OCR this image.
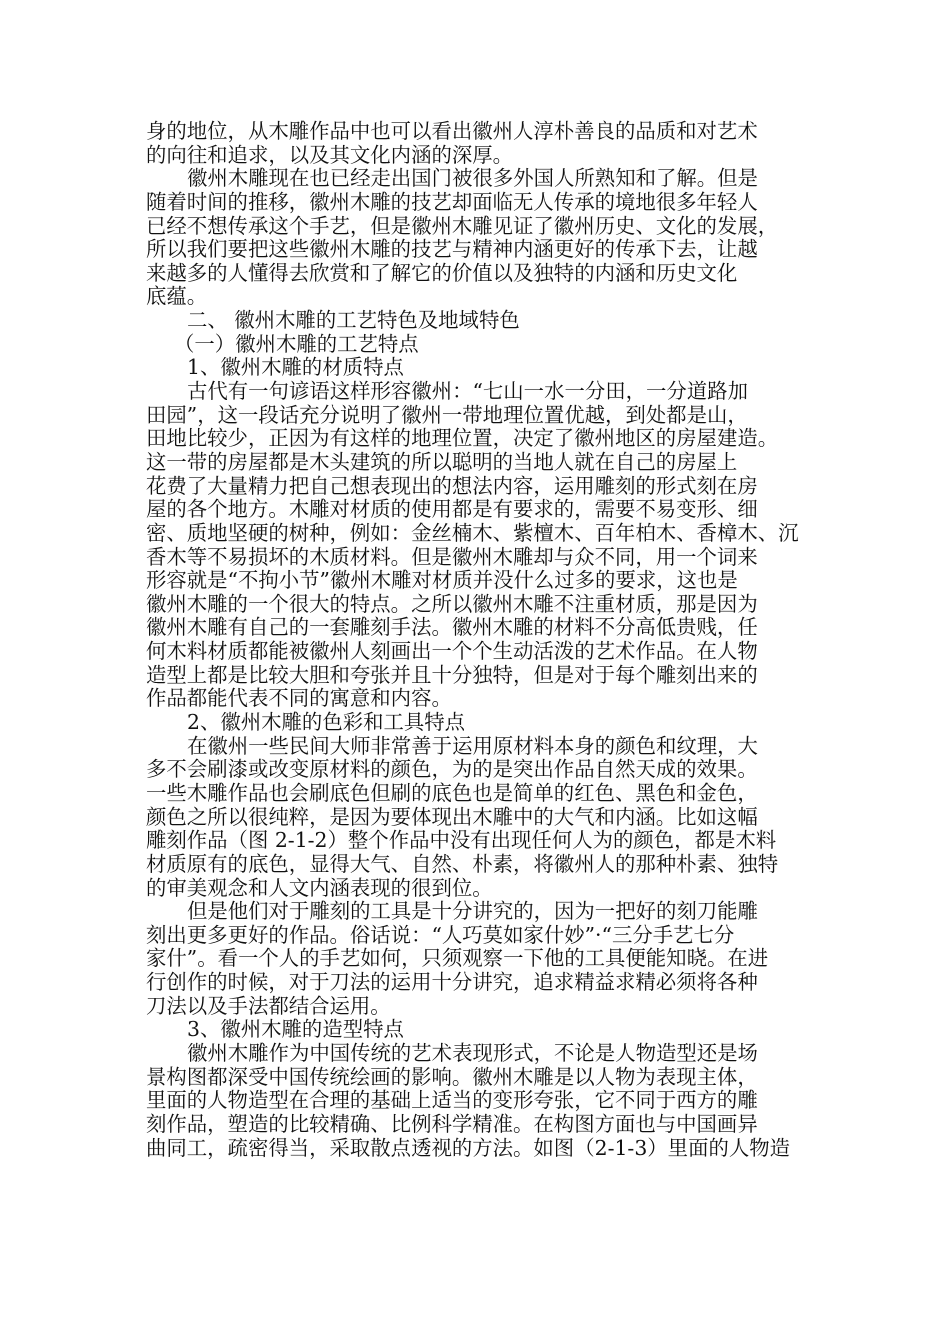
身的地位，从木雕作品中也可以看出徽州人淳朴善良的品质和对艺术
的向往和追求，以及其文化内涵的深厚。
徽州木雕现在也已经走出国门被很多外国人所熟知和了解。但是
随着时间的推移，徽州木雕的技艺却面临无人传承的境地很多年轻人
已经不想传承这个手艺，但是徽州木雕见证了徽州历史、文化的发展，
所以我们要把这些徽州木雕的技艺与精神内涵更好的传承下去，让越
来越多的人懂得去欣赏和了解它的价值以及独特的内涵和历史文化
底蕴。
二、 徽州木雕的工艺特色及地域特色
（一）徽州木雕的工艺特点
1、徽州木雕的材质特点
古代有一句谚语这样形容徽州：“七山一水一分田，一分道路加
田园”，这一段话充分说明了徽州一带地理位置优越，到处都是山，
田地比较少，正因为有这样的地理位置，决定了徽州地区的房屋建造。
这一带的房屋都是木头建筑的所以聪明的当地人就在自己的房屋上
花费了大量精力把自己想表现出的想法内容，运用雕刻的形式刻在房
屋的各个地方。木雕对材质的使用都是有要求的，需要不易变形、细
密、质地坚硬的树种，例如：金丝楠木、紫檀木、百年柏木、香樟木、沉
香木等不易损坏的木质材料。但是徽州木雕却与众不同，用一个词来
形容就是“不拘小节”徽州木雕对材质并没什么过多的要求，这也是
徽州木雕的一个很大的特点。之所以徽州木雕不注重材质，那是因为
徽州木雕有自己的一套雕刻手法。徽州木雕的材料不分高低贵贱，任
何木料材质都能被徽州人刻画出一个个生动活泼的艺术作品。在人物
造型上都是比较大胆和夸张并且十分独特，但是对于每个雕刻出来的
作品都能代表不同的寓意和内容。
2、徽州木雕的色彩和工具特点
在徽州一些民间大师非常善于运用原材料本身的颜色和纹理，大
多不会刷漆或改变原材料的颜色，为的是突出作品自然天成的效果。
一些木雕作品也会刷底色但刷的底色也是简单的红色、黑色和金色，
颜色之所以很纯粹，是因为要体现出木雕中的大气和内涵。比如这幅
雕刻作品（图 2-1-2）整个作品中没有出现任何人为的颜色，都是木料
材质原有的底色，显得大气、自然、朴素，将徽州人的那种朴素、独特
的审美观念和人文内涵表现的很到位。
但是他们对于雕刻的工具是十分讲究的，因为一把好的刻刀能雕
刻出更多更好的作品。俗话说：“人巧莫如家什妙”·“三分手艺七分
家什”。看一个人的手艺如何，只须观察一下他的工具便能知晓。在进
行创作的时候，对于刀法的运用十分讲究，追求精益求精必须将各种
刀法以及手法都结合运用。
3、徽州木雕的造型特点
徽州木雕作为中国传统的艺术表现形式，不论是人物造型还是场
景构图都深受中国传统绘画的影响。徽州木雕是以人物为表现主体，
里面的人物造型在合理的基础上适当的变形夸张，它不同于西方的雕
刻作品，塑造的比较精确、比例科学精准。在构图方面也与中国画异
曲同工，疏密得当，采取散点透视的方法。如图（2-1-3）里面的人物造
